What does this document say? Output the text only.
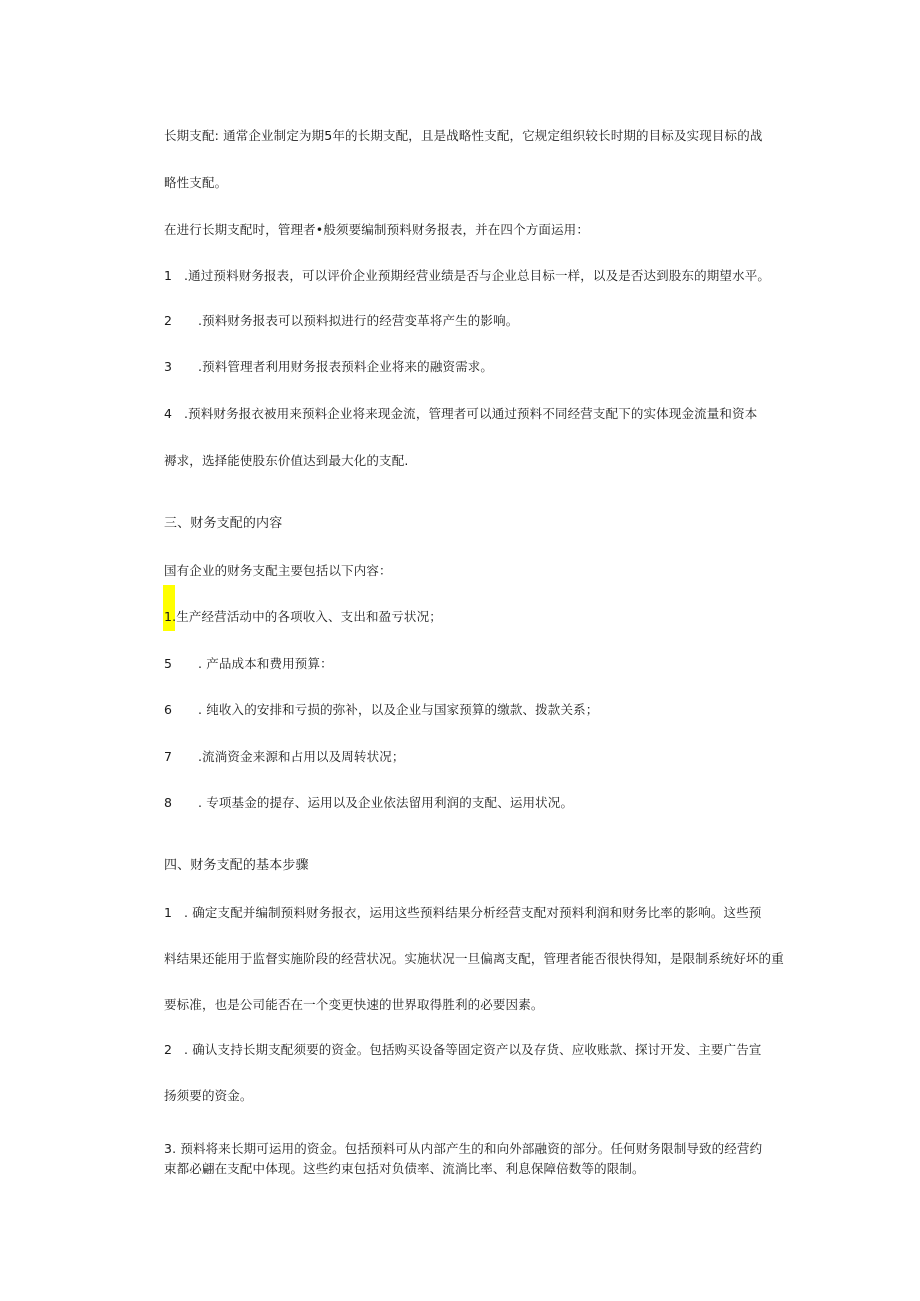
长期支配: 通常企业制定为期5年的长期支配，且是战略性支配，它规定组织较长时期的目标及实现目标的战
略性支配。
在进行长期支配时，管理者•般须要编制预料财务报表，并在四个方面运用：
1 .通过预料财务报表，可以评价企业预期经营业绩是否与企业总目标一样，以及是否达到股东的期望水平。
2 .预料财务报表可以预料拟进行的经营变革将产生的影响。
3 .预料管理者利用财务报表预料企业将来的融资需求。
4 .预料财务报衣被用来预料企业将来现金流，管理者可以通过预料不同经营支配下的实体现金流量和资本
褥求，选择能使股东价值达到最大化的支配.
三、财务支配的内容
国有企业的财务支配主要包括以下内容：
1.生产经营活动中的各项收入、支出和盈亏状况；
5 . 产品成本和费用预算：
6 . 纯收入的安排和亏损的弥补，以及企业与国家预算的缴款、拨款关系；
7 .流淌资金来源和占用以及周转状况；
8 . 专项基金的提存、运用以及企业依法留用利润的支配、运用状况。
四、财务支配的基本步骤
1 . 确定支配并编制预料财务报衣，运用这些预料结果分析经营支配对预料利润和财务比率的影响。这些预
料结果还能用于监督实施阶段的经营状况。实施状况一旦偏离支配，管理者能否很快得知，是限制系统好坏的重
要标准，也是公司能否在一个变更快速的世界取得胜利的必要因素。
2 . 确认支持长期支配须要的资金。包括购买设备等固定资产以及存货、应收账款、探讨开发、主要广告宣
扬须要的资金。
3. 预料将来长期可运用的资金。包括预料可从内部产生的和向外部融资的部分。任何财务限制导致的经营约
束都必翩在支配中体现。这些约束包括对负债率、流淌比率、利息保障倍数等的限制。
